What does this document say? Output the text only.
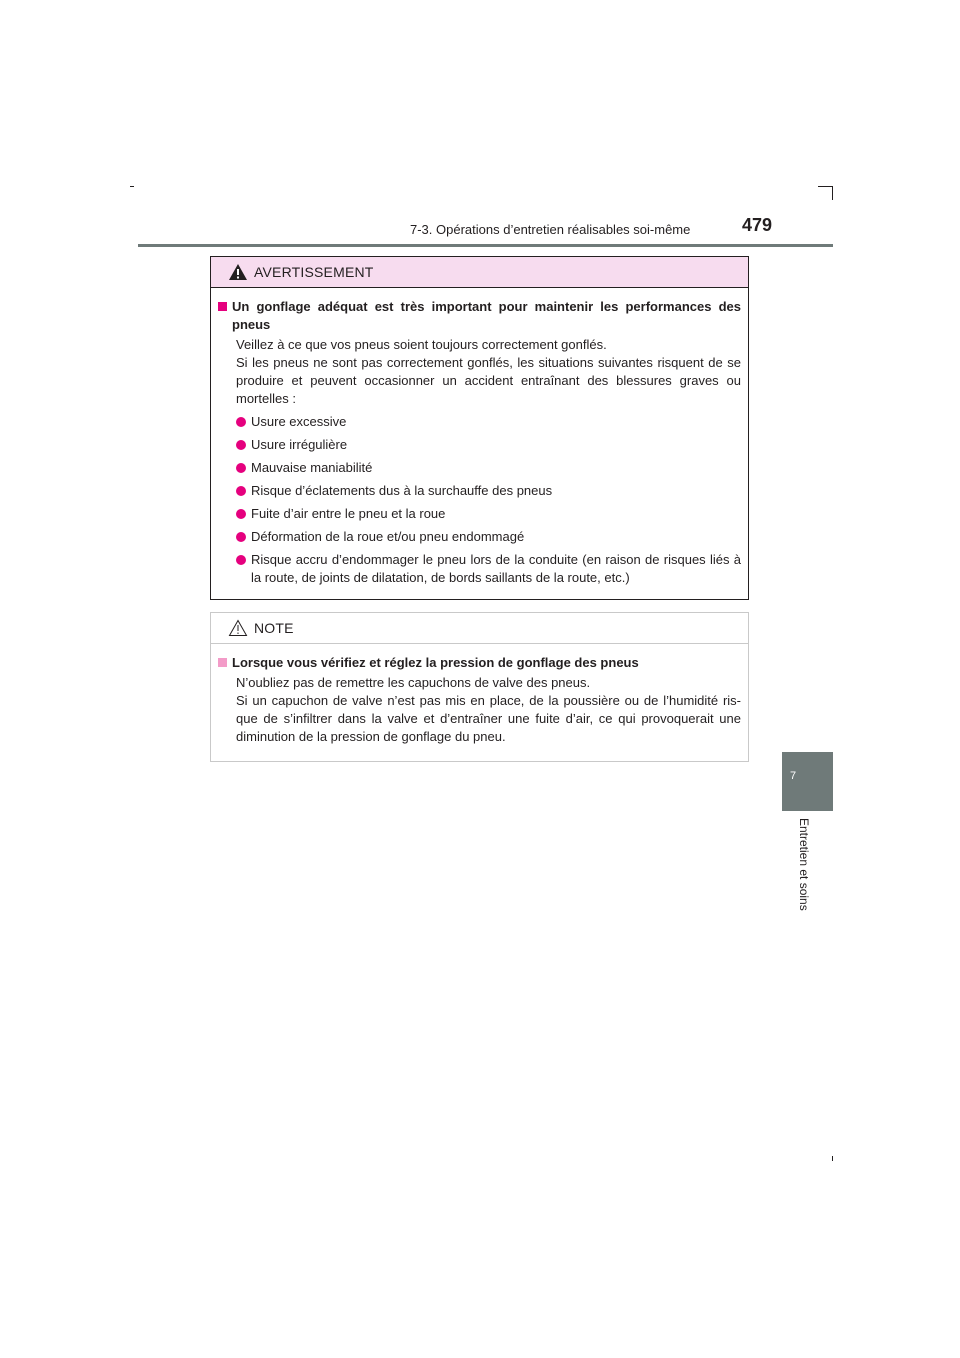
7-3. Opérations d’entretien réalisables soi-même	479
7
Entretien et soins
AVERTISSEMENT
Un gonflage adéquat est très important pour maintenir les performances des pneus
Veillez à ce que vos pneus soient toujours correctement gonflés.
Si les pneus ne sont pas correctement gonflés, les situations suivantes risquent de se produire et peuvent occasionner un accident entraînant des blessures graves ou mortelles :
Usure excessive
Usure irrégulière
Mauvaise maniabilité
Risque d’éclatements dus à la surchauffe des pneus
Fuite d’air entre le pneu et la roue
Déformation de la roue et/ou pneu endommagé
Risque accru d’endommager le pneu lors de la conduite (en raison de risques liés à la route, de joints de dilatation, de bords saillants de la route, etc.)
NOTE
Lorsque vous vérifiez et réglez la pression de gonflage des pneus
N’oubliez pas de remettre les capuchons de valve des pneus.
Si un capuchon de valve n’est pas mis en place, de la poussière ou de l’humidité ris-que de s’infiltrer dans la valve et d’entraîner une fuite d’air, ce qui provoquerait une diminution de la pression de gonflage du pneu.
